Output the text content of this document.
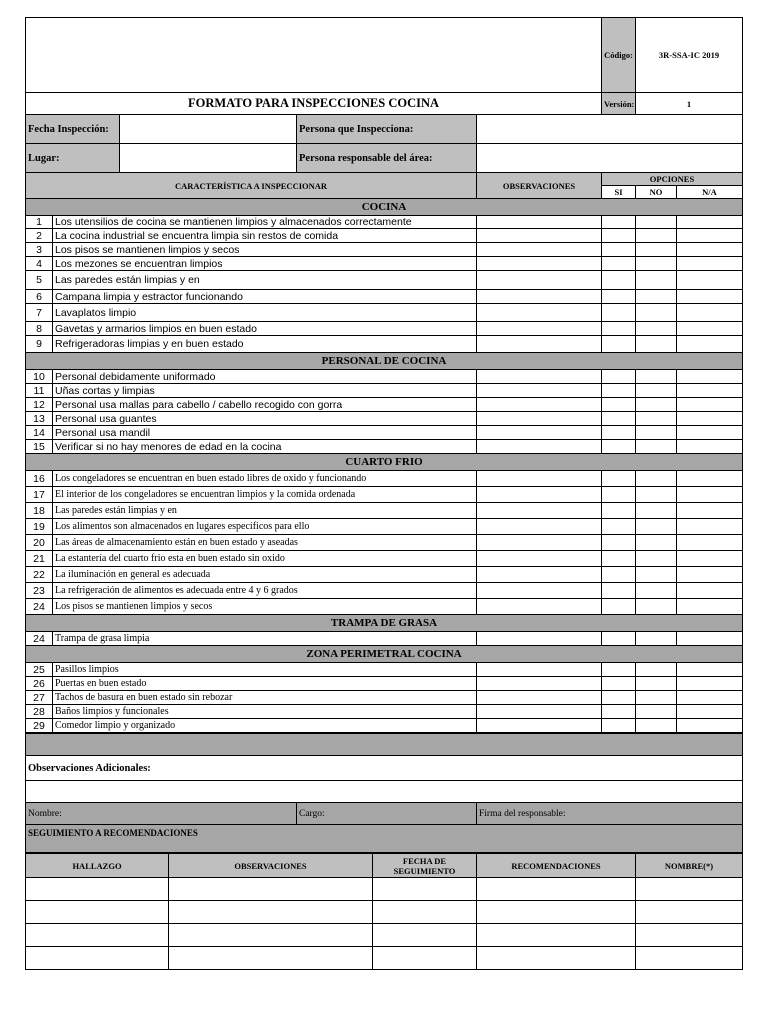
					Código:	3R-SSA-IC 2019	
FORMATO PARA INSPECCIONES COCINA					Versión:	1	
Fecha Inspección:			Persona que Inspecciona:				
Lugar:			Persona responsable del área:				
CARACTERÍSTICA A INSPECCIONAR				OBSERVACIONES	OPCIONES		
					SI	NO	N/A
COCINA							
1	Los utensilios de cocina se mantienen limpios y almacenados correctamente						
2	La cocina industrial se encuentra limpia sin restos de comida						
3	Los pisos se mantienen limpios y secos						
4	Los mezones se encuentran limpios						
5	Las paredes están limpias y en						
6	Campana limpia y estractor funcionando						
7	Lavaplatos limpio						
8	Gavetas y armarios limpios en buen estado						
9	Refrigeradoras limpias y en buen estado						
PERSONAL DE COCINA							
10	Personal debidamente uniformado						
11	Uñas cortas y limpias						
12	Personal usa mallas para cabello / cabello recogido con gorra						
13	Personal usa guantes						
14	Personal usa mandil						
15	Verificar si no hay menores de edad en la cocina						
CUARTO FRIO							
16	Los congeladores se encuentran en buen estado libres de oxido y funcionando						
17	El interior de los congeladores se encuentran limpios y la comida ordenada						
18	Las paredes están limpias y en						
19	Los alimentos son almacenados en lugares específicos para ello						
20	Las áreas de almacenamiento están en buen estado y aseadas						
21	La estantería del cuarto frio esta en buen estado sin oxido						
22	La iluminación en general es adecuada						
23	La refrigeración de alimentos es adecuada entre 4 y 6 grados						
24	Los pisos se mantienen limpios y secos						
TRAMPA DE GRASA							
24	Trampa de grasa limpia						
ZONA PERIMETRAL COCINA							
25	Pasillos limpios						
26	Puertas en buen estado						
27	Tachos de basura en buen estado sin rebozar						
28	Baños limpios y funcionales						
29	Comedor limpio y organizado						

Observaciones Adicionales:

Nombre:	Cargo:	Firma del responsable:
SEGUIMIENTO A RECOMENDACIONES
HALLAZGO	OBSERVACIONES	FECHA DE SEGUIMIENTO	RECOMENDACIONES	NOMBRE(*)
